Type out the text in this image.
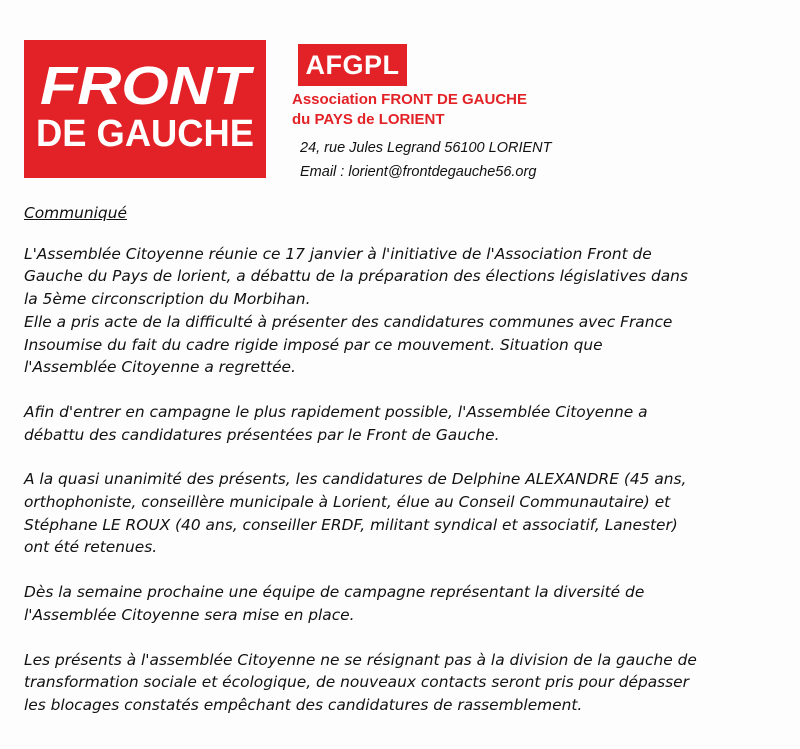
FRONT
DE GAUCHE
AFGPL
Association FRONT DE GAUCHE
du PAYS de LORIENT
24, rue Jules Legrand 56100 LORIENT
Email : lorient@frontdegauche56.org
Communiqué
L'Assemblée Citoyenne réunie ce 17 janvier à l'initiative de l'Association Front de
Gauche du Pays de lorient, a débattu de la préparation des élections législatives dans
la 5ème circonscription du Morbihan.
Elle a pris acte de la difficulté à présenter des candidatures communes avec France
Insoumise du fait du cadre rigide imposé par ce mouvement. Situation que
l'Assemblée Citoyenne a regrettée.
Afin d'entrer en campagne le plus rapidement possible, l'Assemblée Citoyenne a
débattu des candidatures présentées par le Front de Gauche.
A la quasi unanimité des présents, les candidatures de Delphine ALEXANDRE (45 ans,
orthophoniste, conseillère municipale à Lorient, élue au Conseil Communautaire) et
Stéphane LE ROUX (40 ans, conseiller ERDF, militant syndical et associatif, Lanester)
ont été retenues.
Dès la semaine prochaine une équipe de campagne représentant la diversité de
l'Assemblée Citoyenne sera mise en place.
Les présents à l'assemblée Citoyenne ne se résignant pas à la division de la gauche de
transformation sociale et écologique, de nouveaux contacts seront pris pour dépasser
les blocages constatés empêchant des candidatures de rassemblement.
